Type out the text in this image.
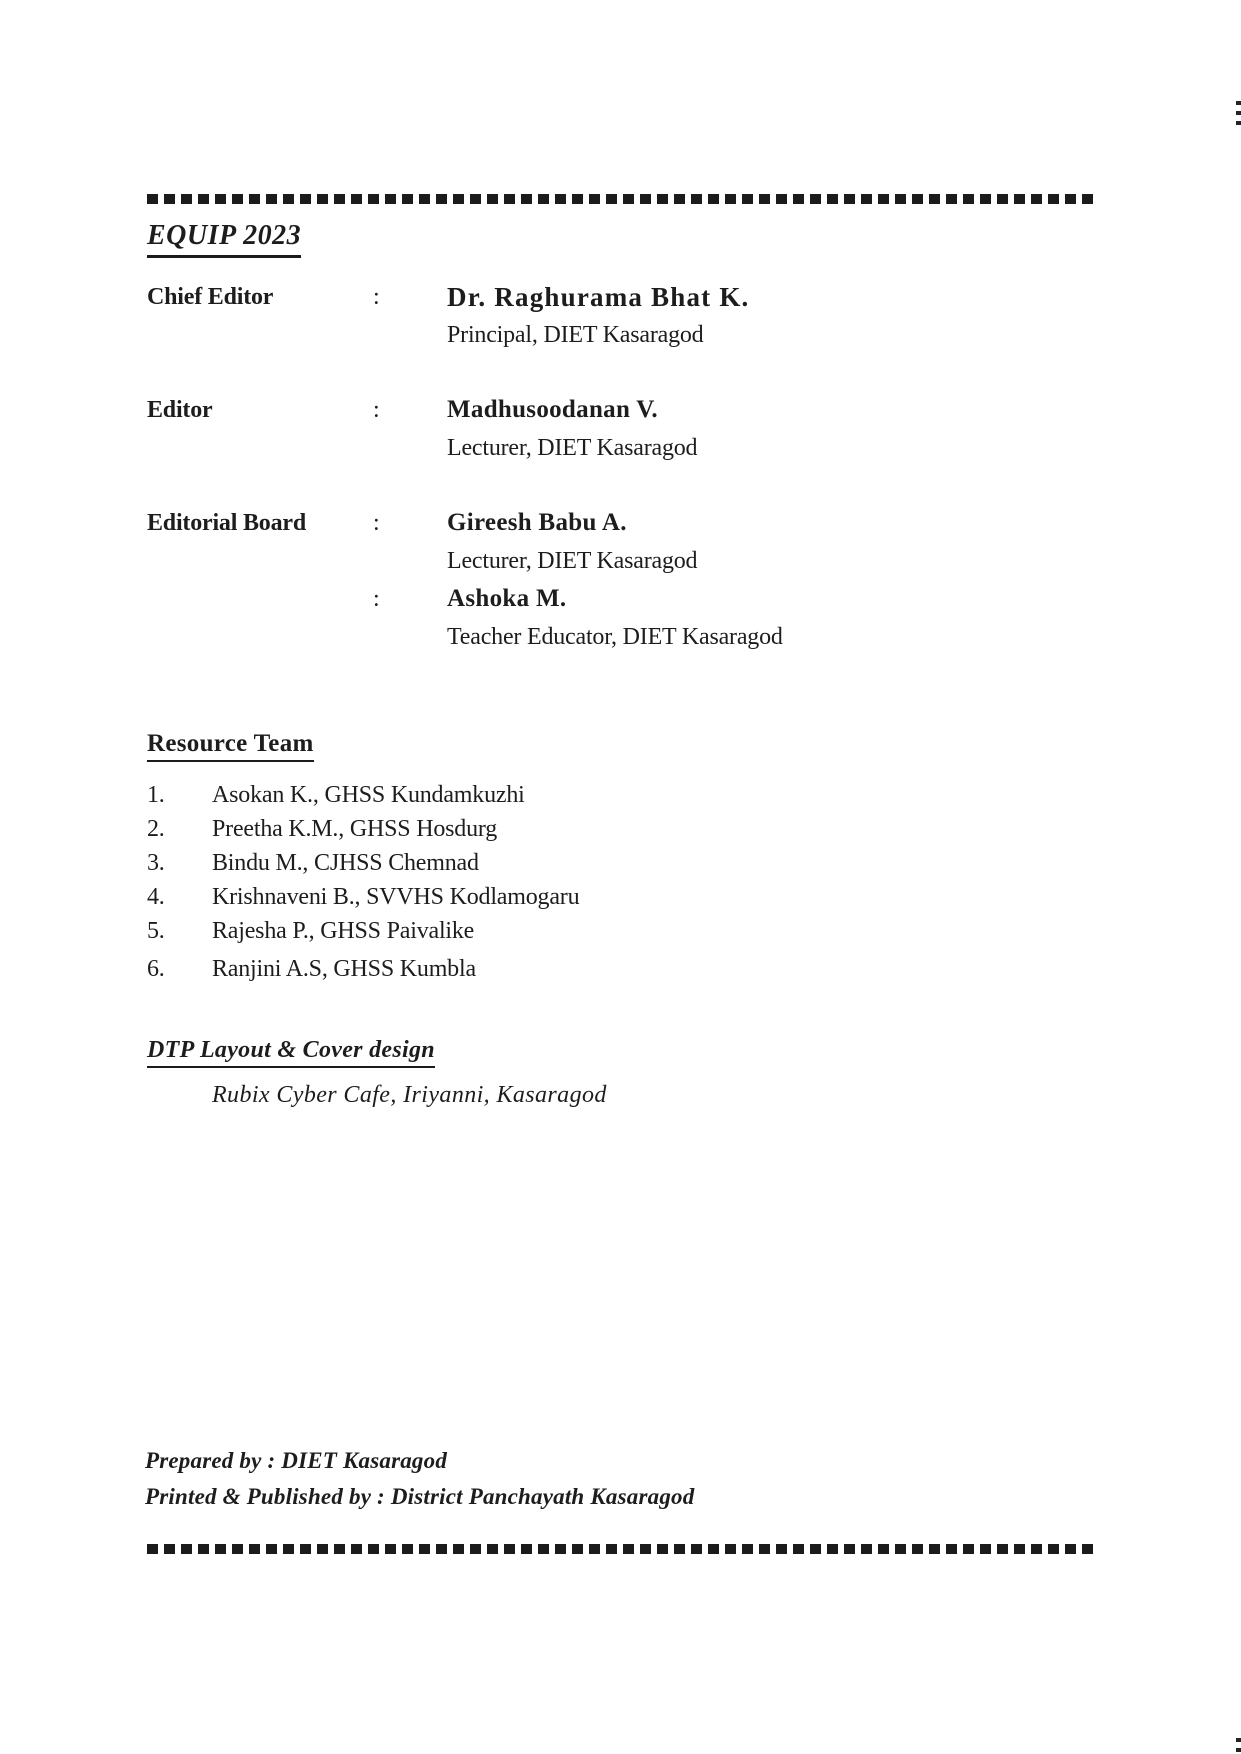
EQUIP 2023
Chief Editor	:	Dr. Raghurama Bhat K.
Principal, DIET Kasaragod
Editor	:	Madhusoodanan V.
Lecturer, DIET Kasaragod
Editorial Board	:	Gireesh Babu A.
Lecturer, DIET Kasaragod
:	Ashoka M.
Teacher Educator, DIET Kasaragod
Resource Team
1.	Asokan K., GHSS Kundamkuzhi
2.	Preetha K.M., GHSS Hosdurg
3.	Bindu M., CJHSS Chemnad
4.	Krishnaveni B., SVVHS Kodlamogaru
5.	Rajesha P., GHSS Paivalike
6.	Ranjini A.S, GHSS Kumbla
DTP Layout & Cover design
Rubix Cyber Cafe, Iriyanni, Kasaragod
Prepared by : DIET Kasaragod
Printed & Published by : District Panchayath Kasaragod
